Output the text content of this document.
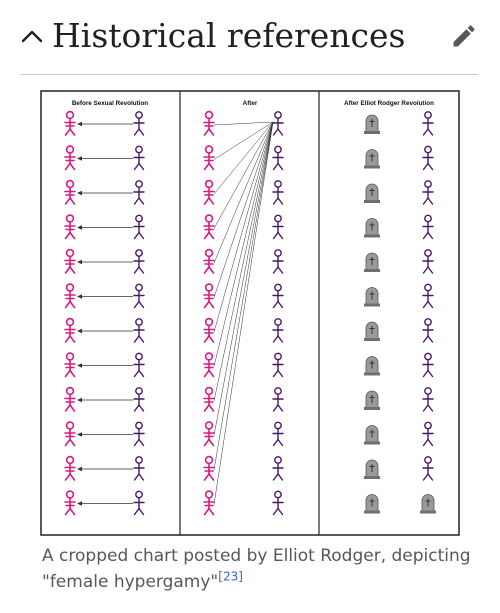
Historical references
Before Sexual Revolution	After	After Elliot Rodger Revolution

A cropped chart posted by Elliot Rodger, depicting "female hypergamy"[23]
